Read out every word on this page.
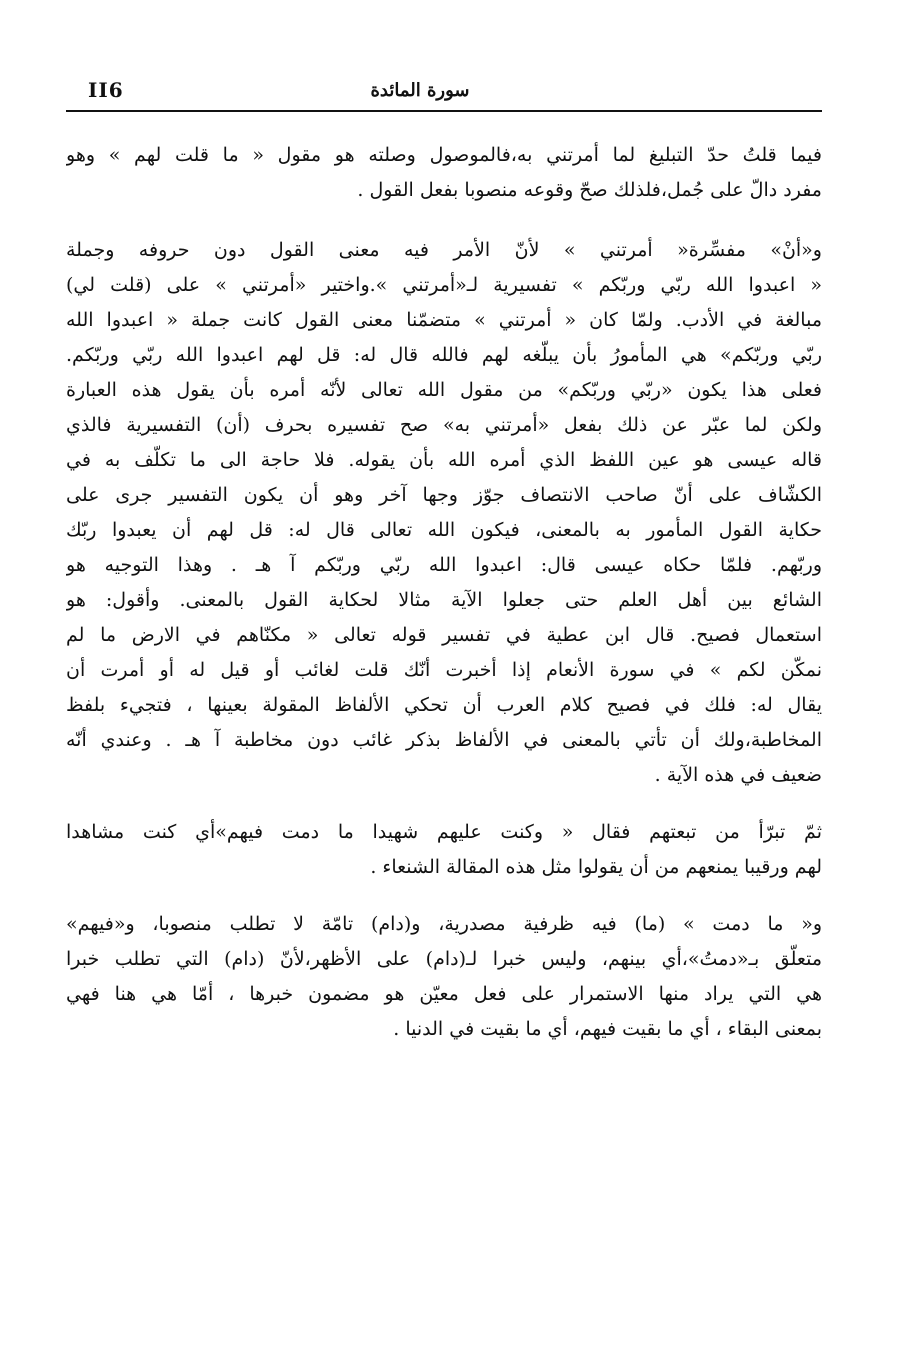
II6	سورة المائدة
فيما قلتُ حدّ التبليغ لما أمرتني به،فالموصول وصلته هو مقول « ما قلت لهم » وهو
مفرد دالّ على جُمل،فلذلك صحّ وقوعه منصوبا بفعل القول .
و«أنْ» مفسِّرة« أمرتني » لأنّ الأمر فيه معنى القول دون حروفه وجملة
« اعبدوا الله ربّي وربّكم » تفسيرية لـ«أمرتني ».واختير «أمرتني » على (قلت لي)
مبالغة في الأدب. ولمّا كان « أمرتني » متضمّنا معنى القول كانت جملة « اعبدوا الله
ربّي وربّكم» هي المأمورُ بأن يبلّغه لهم فالله قال له: قل لهم اعبدوا الله ربّي وربّكم.
فعلى هذا يكون «ربّي وربّكم» من مقول الله تعالى لأنّه أمره بأن يقول هذه العبارة
ولكن لما عبّر عن ذلك بفعل «أمرتني به» صح تفسيره بحرف (أن) التفسيرية فالذي
قاله عيسى هو عين اللفظ الذي أمره الله بأن يقوله. فلا حاجة الى ما تكلّف به في
الكشّاف على أنّ صاحب الانتصاف جوّز وجها آخر وهو أن يكون التفسير جرى على
حكاية القول المأمور به بالمعنى، فيكون الله تعالى قال له: قل لهم أن يعبدوا ربّك
وربّهم. فلمّا حكاه عيسى قال: اعبدوا الله ربّي وربّكم آ هـ . وهذا التوجيه هو
الشائع بين أهل العلم حتى جعلوا الآية مثالا لحكاية القول بالمعنى. وأقول: هو
استعمال فصيح. قال ابن عطية في تفسير قوله تعالى « مكنّاهم في الارض ما لم
نمكّن لكم » في سورة الأنعام إذا أخبرت أنّك قلت لغائب أو قيل له أو أمرت أن
يقال له: فلك في فصيح كلام العرب أن تحكي الألفاظ المقولة بعينها ، فتجيء بلفظ
المخاطبة،ولك أن تأتي بالمعنى في الألفاظ بذكر غائب دون مخاطبة آ هـ . وعندي أنّه
ضعيف في هذه الآية .
ثمّ تبرّأ من تبعتهم فقال « وكنت عليهم شهيدا ما دمت فيهم»أي كنت مشاهدا
لهم ورقيبا يمنعهم من أن يقولوا مثل هذه المقالة الشنعاء .
و« ما دمت » (ما) فيه ظرفية مصدرية، و(دام) تامّة لا تطلب منصوبا، و«فيهم»
متعلّق بـ«دمتُ»،أي بينهم، وليس خبرا لـ(دام) على الأظهر،لأنّ (دام) التي تطلب خبرا
هي التي يراد منها الاستمرار على فعل معيّن هو مضمون خبرها ، أمّا هي هنا فهي
بمعنى البقاء ، أي ما بقيت فيهم، أي ما بقيت في الدنيا .
